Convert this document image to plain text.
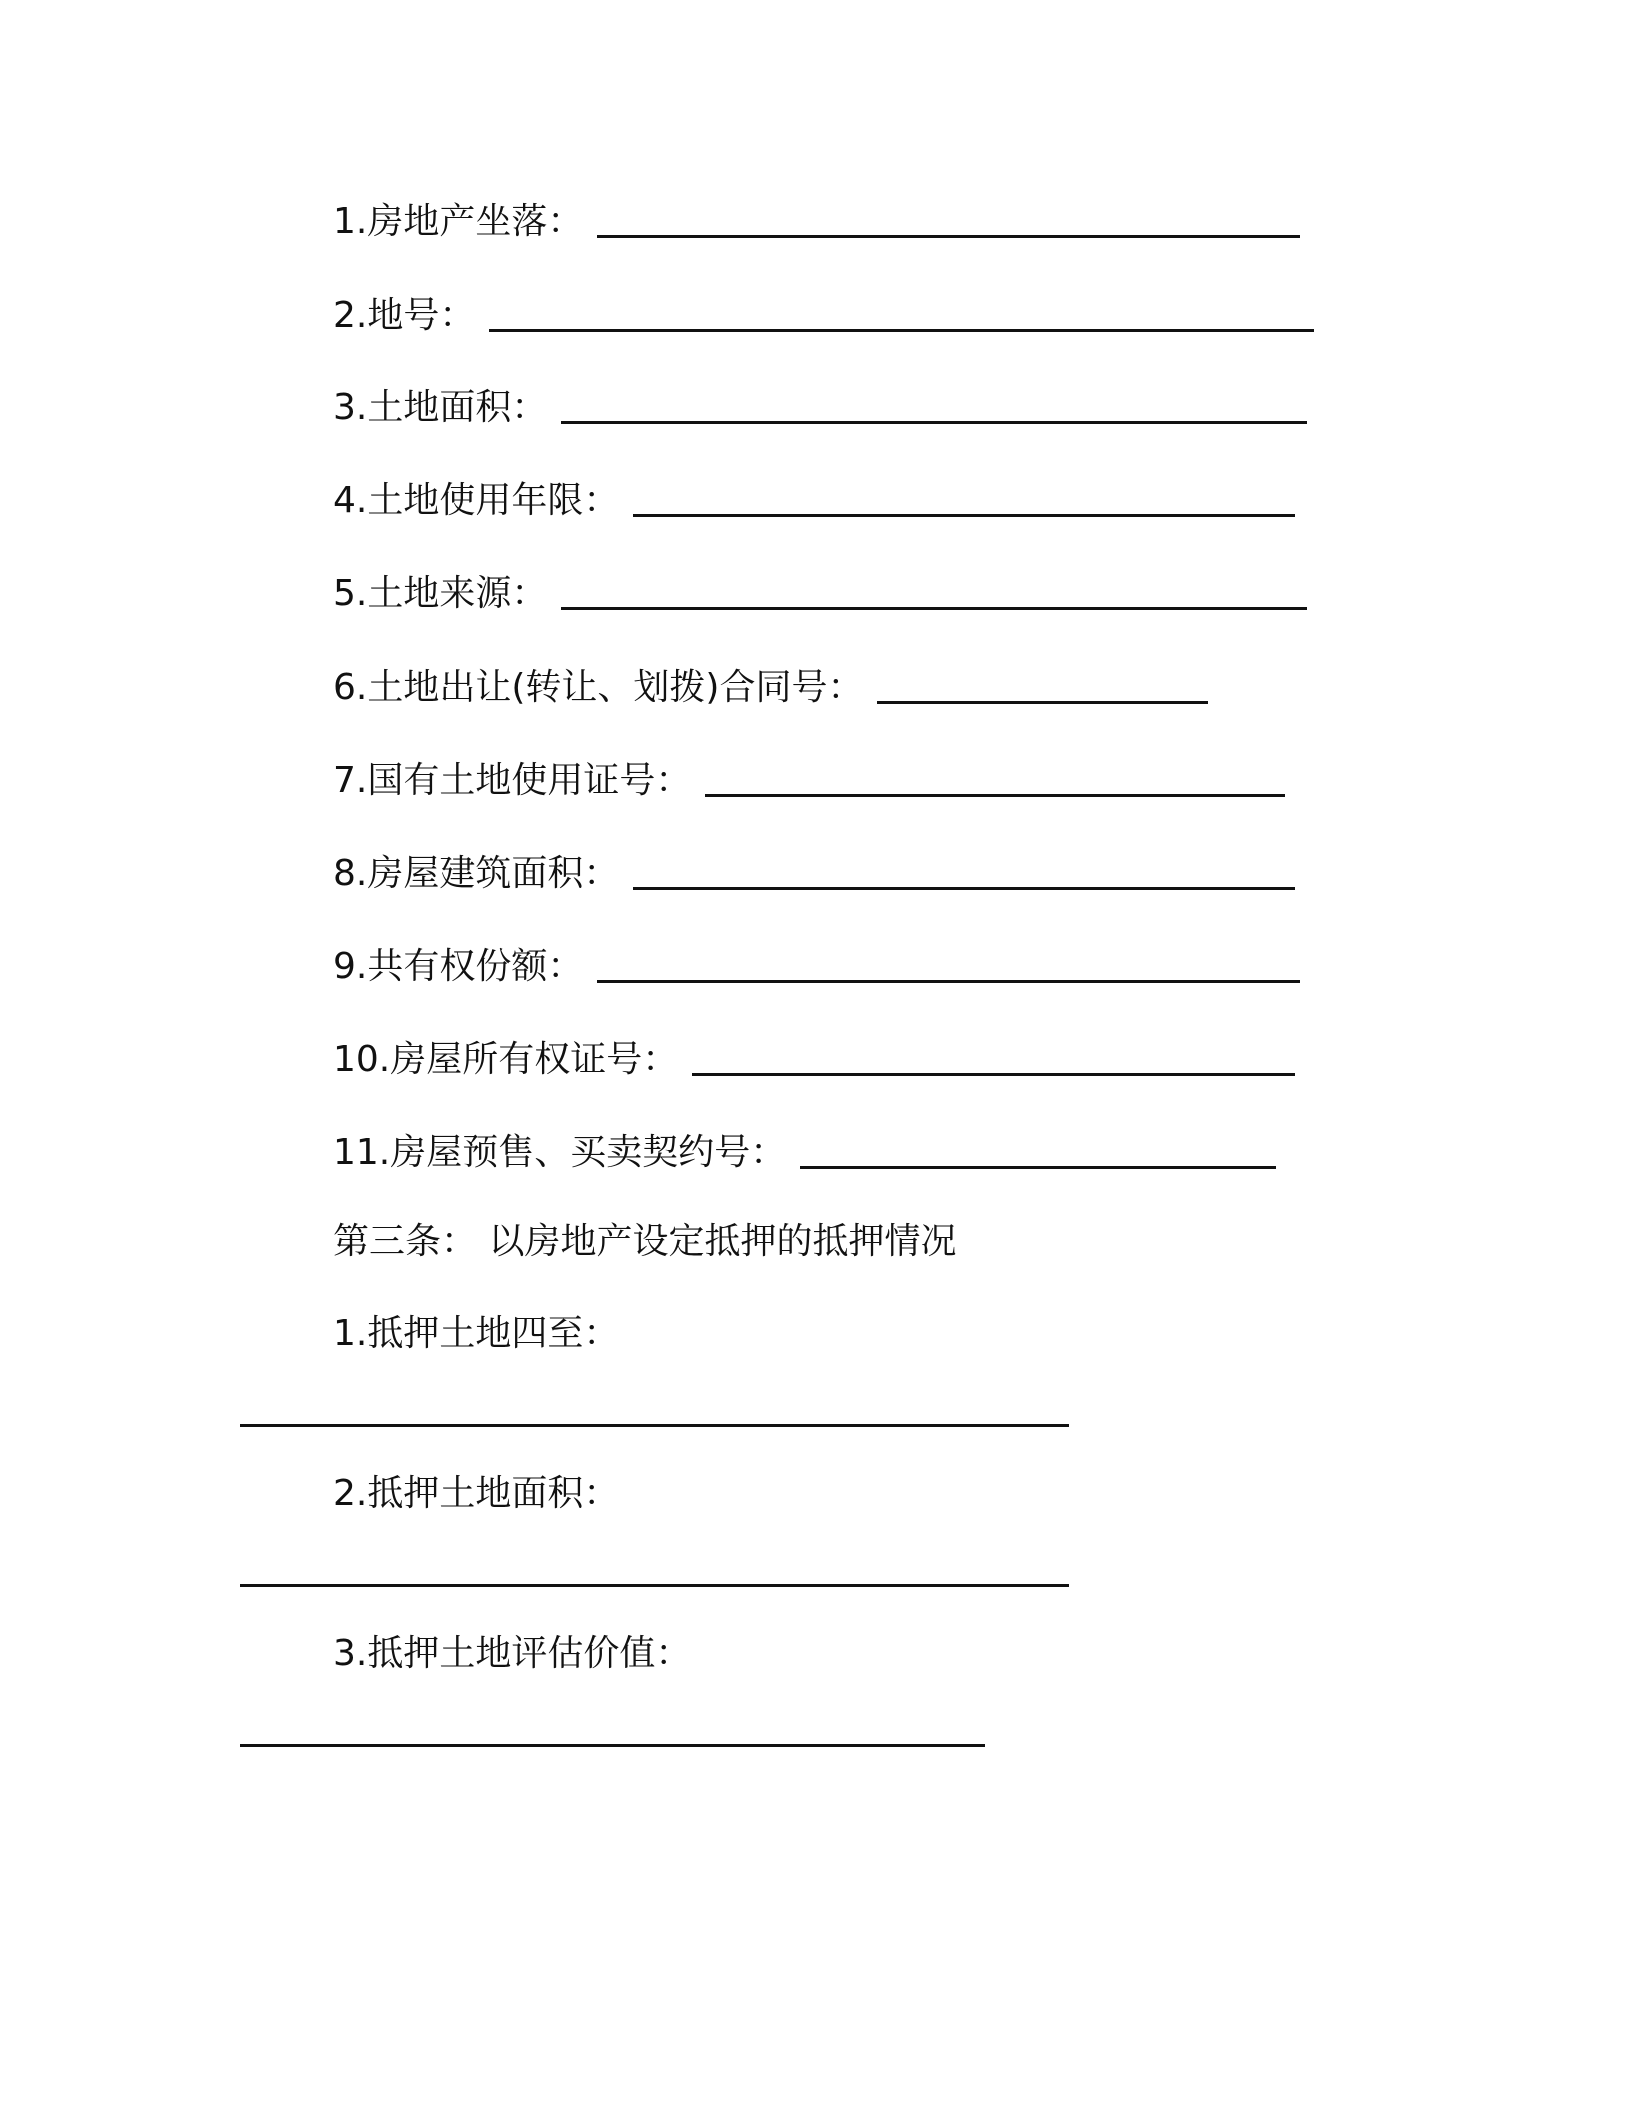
1.房地产坐落：
2.地号：
3.土地面积：
4.土地使用年限：
5.土地来源：
6.土地出让(转让、划拨)合同号：
7.国有土地使用证号：
8.房屋建筑面积：
9.共有权份额：
10.房屋所有权证号：
11.房屋预售、买卖契约号：
第三条： 以房地产设定抵押的抵押情况
1.抵押土地四至：
2.抵押土地面积：
3.抵押土地评估价值：
